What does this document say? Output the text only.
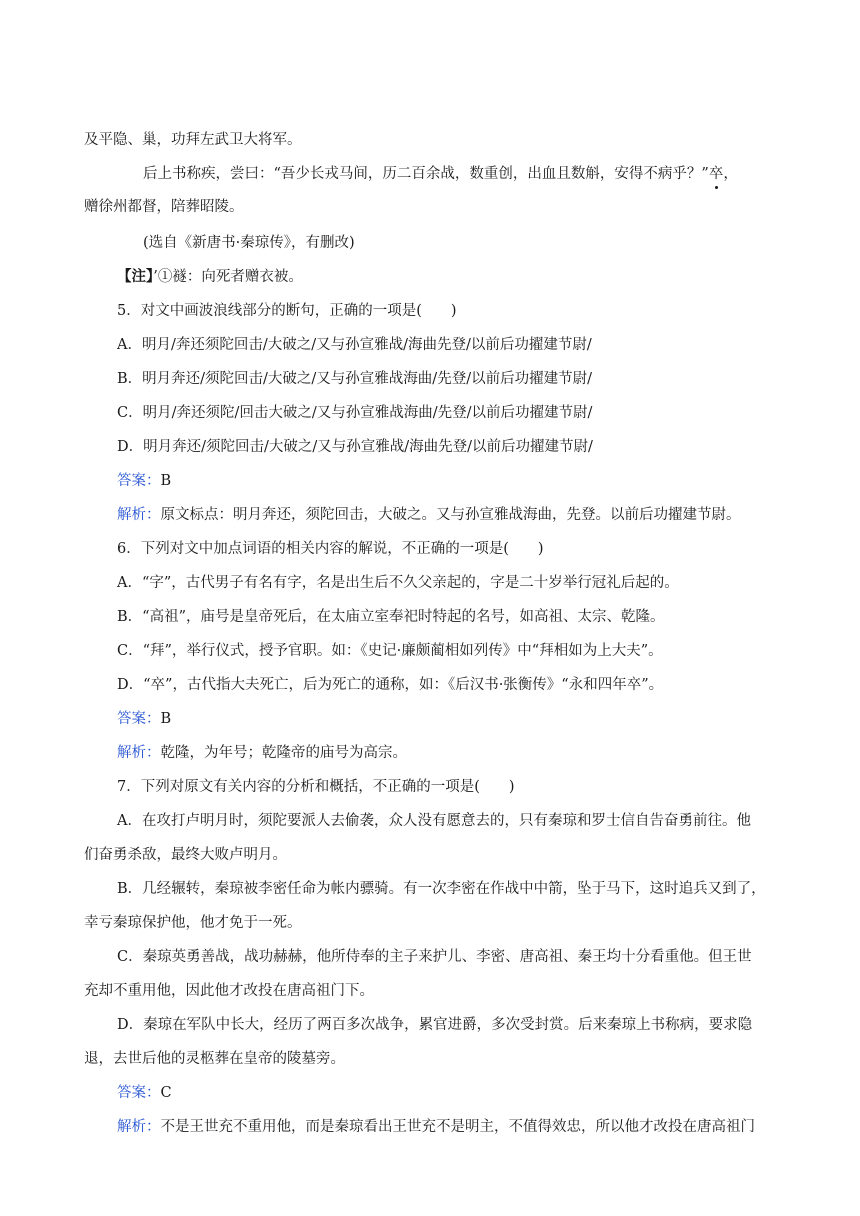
及平隐、巢，功拜左武卫大将军。
后上书称疾，尝曰：“吾少长戎马间，历二百余战，数重创，出血且数斛，安得不病乎？”卒，
赠徐州都督，陪葬昭陵。
(选自《新唐书·秦琼传》，有删改)
【注】’①襚：向死者赠衣被。
5．对文中画波浪线部分的断句，正确的一项是(　　)
A．明月/奔还须陀回击/大破之/又与孙宣雅战/海曲先登/以前后功擢建节尉/
B．明月奔还/须陀回击/大破之/又与孙宣雅战海曲/先登/以前后功擢建节尉/
C．明月/奔还须陀/回击大破之/又与孙宣雅战海曲/先登/以前后功擢建节尉/
D．明月奔还/须陀回击/大破之/又与孙宣雅战/海曲先登/以前后功擢建节尉/
答案：B
解析：原文标点：明月奔还，须陀回击，大破之。又与孙宣雅战海曲，先登。以前后功擢建节尉。
6．下列对文中加点词语的相关内容的解说，不正确的一项是(　　)
A．“字”，古代男子有名有字，名是出生后不久父亲起的，字是二十岁举行冠礼后起的。
B．“高祖”，庙号是皇帝死后，在太庙立室奉祀时特起的名号，如高祖、太宗、乾隆。
C．“拜”，举行仪式，授予官职。如：《史记·廉颇蔺相如列传》中“拜相如为上大夫”。
D．“卒”，古代指大夫死亡，后为死亡的通称，如：《后汉书·张衡传》“永和四年卒”。
答案：B
解析：乾隆，为年号；乾隆帝的庙号为高宗。
7．下列对原文有关内容的分析和概括，不正确的一项是(　　)
A．在攻打卢明月时，须陀要派人去偷袭，众人没有愿意去的，只有秦琼和罗士信自告奋勇前往。他
们奋勇杀敌，最终大败卢明月。
B．几经辗转，秦琼被李密任命为帐内骠骑。有一次李密在作战中中箭，坠于马下，这时追兵又到了，
幸亏秦琼保护他，他才免于一死。
C．秦琼英勇善战，战功赫赫，他所侍奉的主子来护儿、李密、唐高祖、秦王均十分看重他。但王世
充却不重用他，因此他才改投在唐高祖门下。
D．秦琼在军队中长大，经历了两百多次战争，累官进爵，多次受封赏。后来秦琼上书称病，要求隐
退，去世后他的灵柩葬在皇帝的陵墓旁。
答案：C
解析：不是王世充不重用他，而是秦琼看出王世充不是明主，不值得效忠，所以他才改投在唐高祖门
